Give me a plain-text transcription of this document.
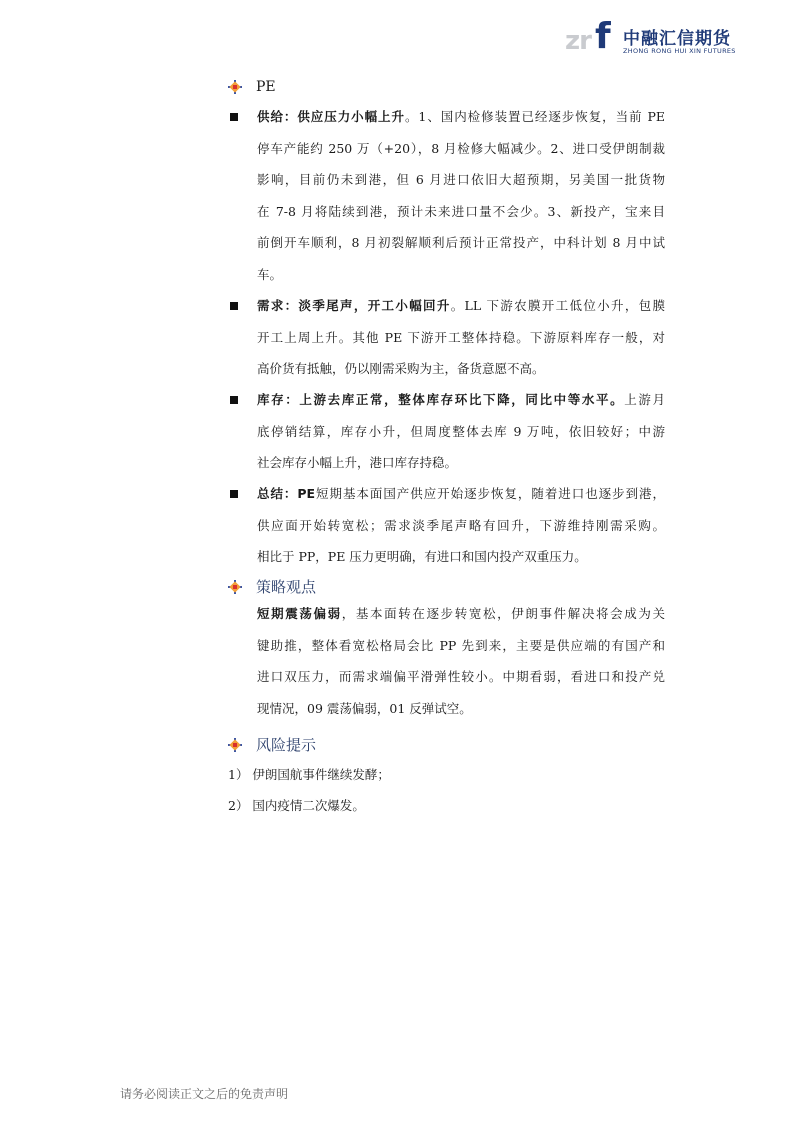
zr f 中融汇信期货
ZHONG RONG HUI XIN FUTURES
PE
供给：供应压力小幅上升。1、国内检修装置已经逐步恢复，当前 PE
停车产能约 250 万（+20），8 月检修大幅减少。2、进口受伊朗制裁
影响，目前仍未到港，但 6 月进口依旧大超预期，另美国一批货物
在 7-8 月将陆续到港，预计未来进口量不会少。3、新投产，宝来目
前倒开车顺利，8 月初裂解顺利后预计正常投产，中科计划 8 月中试
车。
需求：淡季尾声，开工小幅回升。LL 下游农膜开工低位小升，包膜
开工上周上升。其他 PE 下游开工整体持稳。下游原料库存一般，对
高价货有抵触，仍以刚需采购为主，备货意愿不高。
库存：上游去库正常，整体库存环比下降，同比中等水平。上游月
底停销结算，库存小升，但周度整体去库 9 万吨，依旧较好；中游
社会库存小幅上升，港口库存持稳。
总结：PE短期基本面国产供应开始逐步恢复，随着进口也逐步到港，
供应面开始转宽松；需求淡季尾声略有回升，下游维持刚需采购。
相比于 PP，PE 压力更明确，有进口和国内投产双重压力。
策略观点
短期震荡偏弱，基本面转在逐步转宽松，伊朗事件解决将会成为关
键助推，整体看宽松格局会比 PP 先到来，主要是供应端的有国产和
进口双压力，而需求端偏平滑弹性较小。中期看弱，看进口和投产兑
现情况，09 震荡偏弱，01 反弹试空。
风险提示
1） 伊朗国航事件继续发酵；
2） 国内疫情二次爆发。
请务必阅读正文之后的免责声明
